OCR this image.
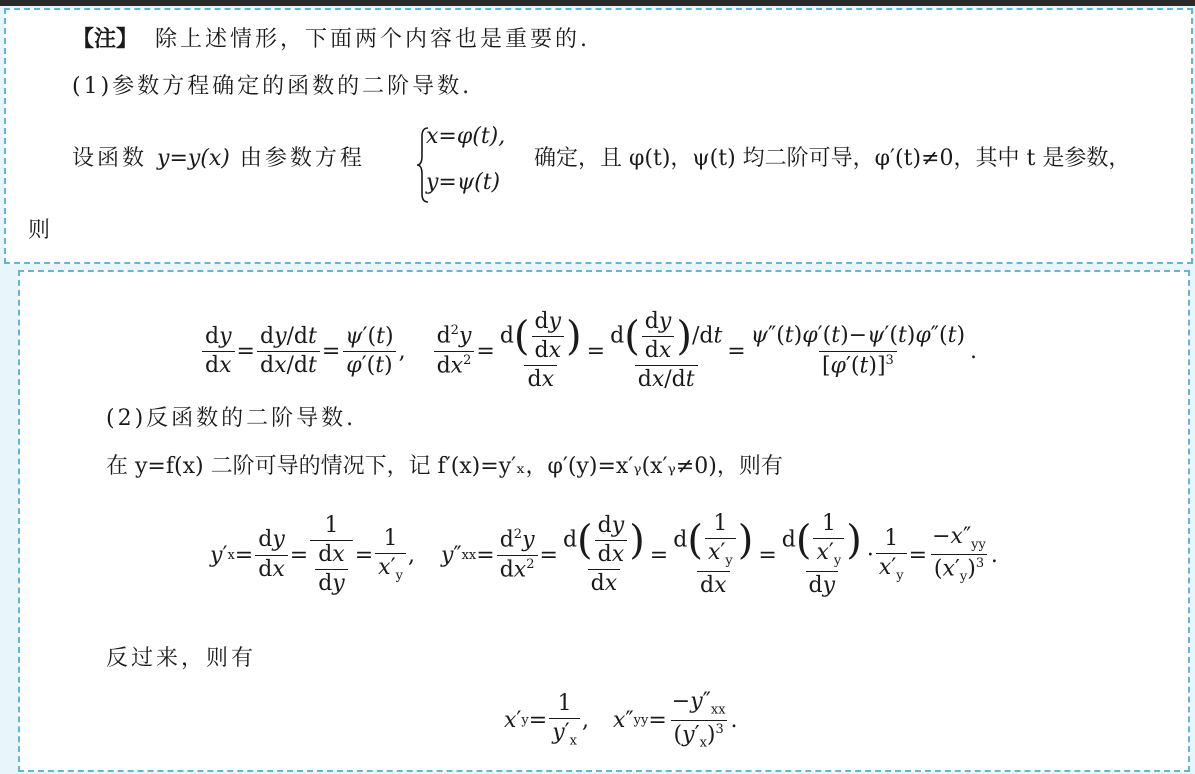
【注】 除上述情形，下面两个内容也是重要的.
(1)参数方程确定的函数的二阶导数.
设函数 y=y(x) 由参数方程
x=φ(t),
y=ψ(t)
确定，且 φ(t)，ψ(t) 均二阶可导，φ′(t)≠0，其中 t 是参数，
则
$\frac{dy}{dx} = \frac{dy/dt}{dx/dt} = \frac{\psi'(t)}{\varphi'(t)}$ , $\frac{d^2y}{dx^2} = \frac{d( \frac{dy}{dx} )}{dx} = \frac{d( \frac{dy}{dx} )/dt}{dx/dt} = \frac{\psi''(t)\varphi'(t)-\psi'(t)\varphi''(t)}{[\varphi'(t)]^3}$ .
(2)反函数的二阶导数.
在 y=f(x) 二阶可导的情况下，记 f′(x)=y′ₓ，φ′(y)=x′ᵧ(x′ᵧ≠0)，则有
y ′ $x = \frac{dy}{dx} = \frac{1}{\frac{dx}{dy}} = \frac{1}{x'_y}$ , y ″ xx = $\frac{d^2y}{dx^2} = \frac{d( \frac{dy}{dx} )}{dx} = \frac{d( \frac{1}{x'_y} )}{dx} = \frac{d( \frac{1}{x'_y} )}{dy} \cdot \frac{1}{x'_y} = \frac{-x''_{yy}}{(x'_y)^3}$ .
反过来，则有
x ′ $y = \frac{1}{y'_x}$ , x ″ yy = $\frac{-y''_{xx}}{(y'_x)^3}$ .
